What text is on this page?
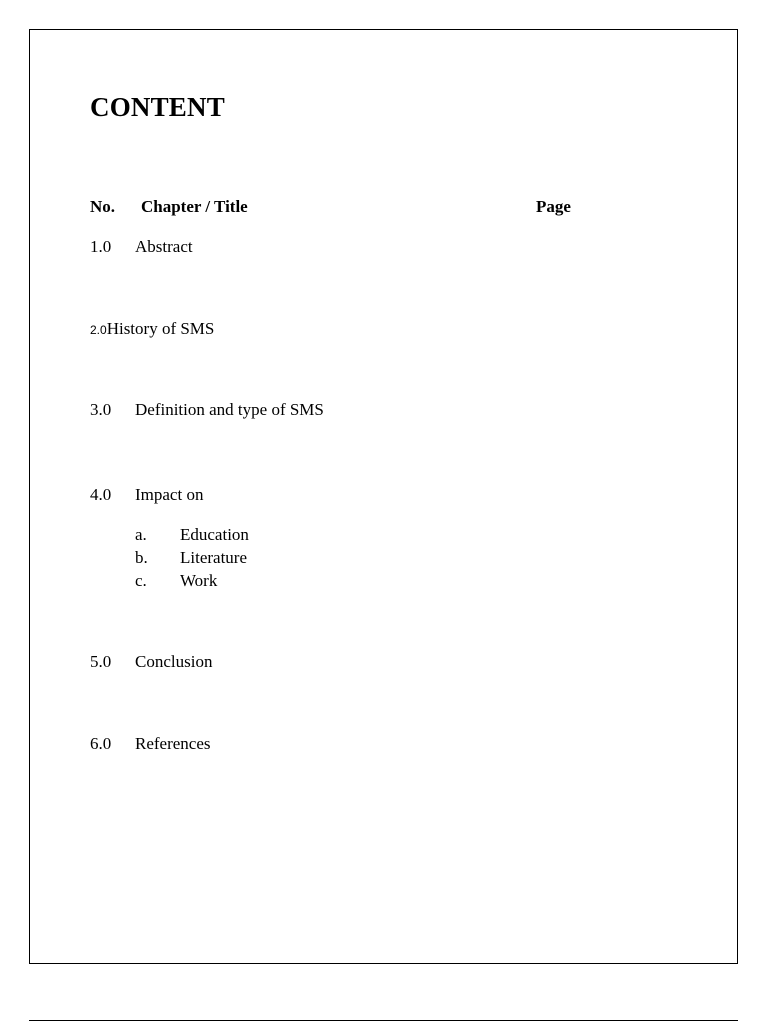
CONTENT
No. Chapter / Title	Page
1.0 Abstract
2.0History of SMS
3.0 Definition and type of SMS
4.0 Impact on
a. Education
b. Literature
c. Work
5.0 Conclusion
6.0 References
